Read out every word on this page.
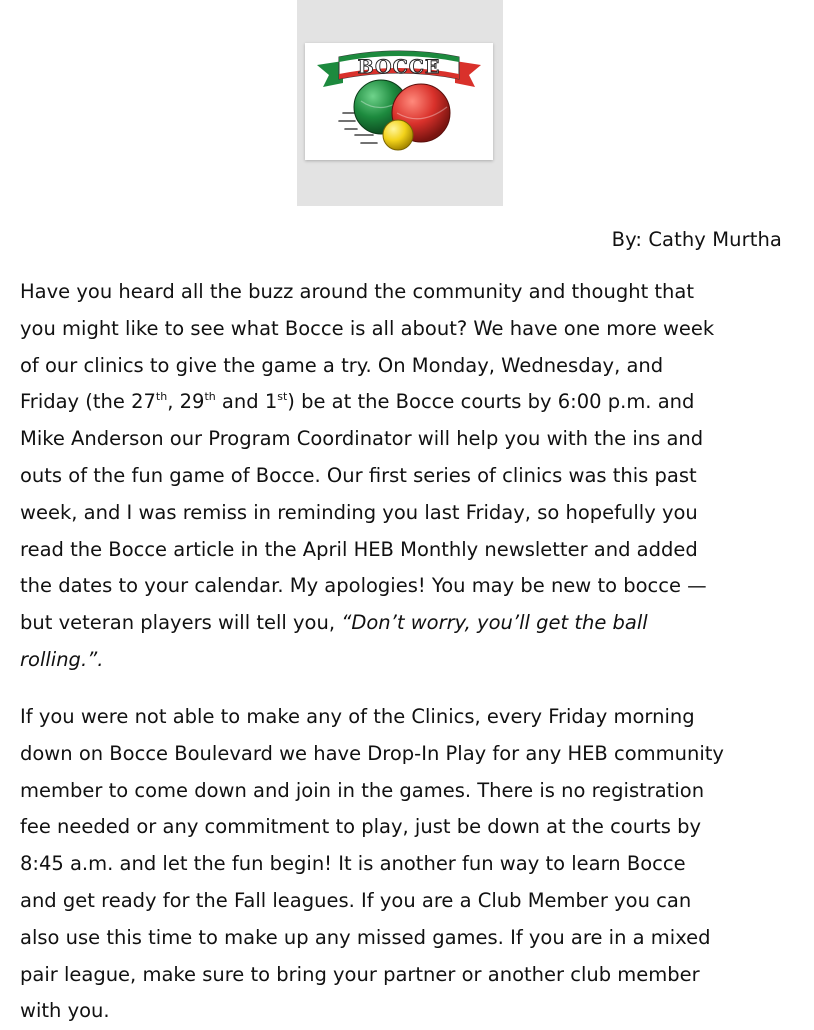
BOCCE
By: Cathy Murtha
Have you heard all the buzz around the community and thought that
you might like to see what Bocce is all about? We have one more week
of our clinics to give the game a try. On Monday, Wednesday, and
Friday (the 27th, 29th and 1st) be at the Bocce courts by 6:00 p.m. and
Mike Anderson our Program Coordinator will help you with the ins and
outs of the fun game of Bocce. Our first series of clinics was this past
week, and I was remiss in reminding you last Friday, so hopefully you
read the Bocce article in the April HEB Monthly newsletter and added
the dates to your calendar. My apologies! You may be new to bocce —
but veteran players will tell you, “Don’t worry, you’ll get the ball
rolling.”.
If you were not able to make any of the Clinics, every Friday morning
down on Bocce Boulevard we have Drop-In Play for any HEB community
member to come down and join in the games. There is no registration
fee needed or any commitment to play, just be down at the courts by
8:45 a.m. and let the fun begin! It is another fun way to learn Bocce
and get ready for the Fall leagues. If you are a Club Member you can
also use this time to make up any missed games. If you are in a mixed
pair league, make sure to bring your partner or another club member
with you.
